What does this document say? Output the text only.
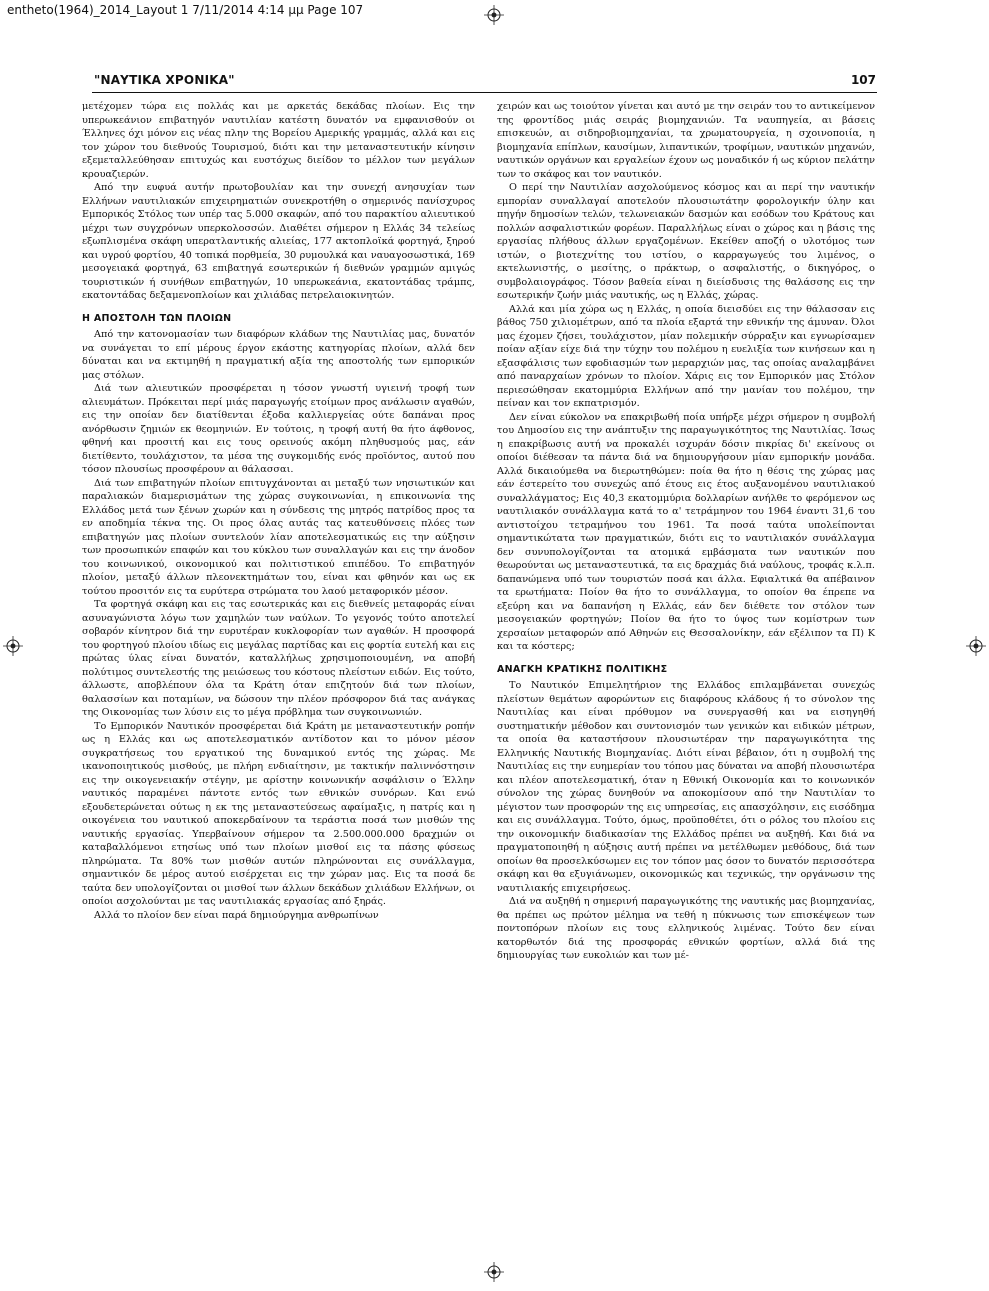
entheto(1964)_2014_Layout 1 7/11/2014 4:14 μμ Page 107
"ΝΑΥΤΙΚΑ ΧΡΟΝΙΚΑ"	107

μετέχομεν τώρα εις πολλάς και με αρκετάς δεκάδας πλοίων. Εις την υπερωκεάνιον επιβατηγόν ναυτιλίαν κατέστη δυνατόν να εμφανισθούν οι Έλληνες όχι μόνον εις νέας πλην της Βορείου Αμερικής γραμμάς, αλλά και εις τον χώρον του διεθνούς Τουρισμού, διότι και την μεταναστευτικήν κίνησιν εξεμεταλλεύθησαν επιτυχώς και ευστόχως διείδον το μέλλον των μεγάλων κρουαζιερών.

Από την ευφυά αυτήν πρωτοβουλίαν και την συνεχή ανησυχίαν των Ελλήνων ναυτιλιακών επιχειρηματιών συνεκροτήθη ο σημερινός πανίσχυρος Εμπορικός Στόλος των υπέρ τας 5.000 σκαφών, από του παρακτίου αλιευτικού μέχρι των συγχρόνων υπερκολοσσών. Διαθέτει σήμερον η Ελλάς 34 τελείως εξωπλισμένα σκάφη υπερατλαντικής αλιείας, 177 ακτοπλοϊκά φορτηγά, ξηρού και υγρού φορτίου, 40 τοπικά πορθμεία, 30 ρυμουλκά και ναυαγοσωστικά, 169 μεσογειακά φορτηγά, 63 επιβατηγά εσωτερικών ή διεθνών γραμμών αμιγώς τουριστικών ή συνήθων επιβατηγών, 10 υπερωκεάνια, εκατοντάδας τράμπς, εκατοντάδας δεξαμενοπλοίων και χιλιάδας πετρελαιοκινητών.

Η ΑΠΟΣΤΟΛΗ ΤΩΝ ΠΛΟΙΩΝ

Από την κατονομασίαν των διαφόρων κλάδων της Ναυτιλίας μας, δυνατόν να συνάγεται το επί μέρους έργον εκάστης κατηγορίας πλοίων, αλλά δεν δύναται και να εκτιμηθή η πραγματική αξία της αποστολής των εμπορικών μας στόλων.

Διά των αλιευτικών προσφέρεται η τόσον γνωστή υγιεινή τροφή των αλιευμάτων. Πρόκειται περί μιάς παραγωγής ετοίμων προς ανάλωσιν αγαθών, εις την οποίαν δεν διατίθενται έξοδα καλλιεργείας ούτε δαπάναι προς ανόρθωσιν ζημιών εκ θεομηνιών. Εν τούτοις, η τροφή αυτή θα ήτο άφθονος, φθηνή και προσιτή και εις τους ορεινούς ακόμη πληθυσμούς μας, εάν διετίθεντο, τουλάχιστον, τα μέσα της συγκομιδής ενός προϊόντος, αυτού που τόσον πλουσίως προσφέρουν αι θάλασσαι.

Διά των επιβατηγών πλοίων επιτυγχάνονται αι μεταξύ των νησιωτικών και παραλιακών διαμερισμάτων της χώρας συγκοινωνίαι, η επικοινωνία της Ελλάδος μετά των ξένων χωρών και η σύνδεσις της μητρός πατρίδος προς τα εν αποδημία τέκνα της. Οι προς όλας αυτάς τας κατευθύνσεις πλόες των επιβατηγών μας πλοίων συντελούν λίαν αποτελεσματικώς εις την αύξησιν των προσωπικών επαφών και του κύκλου των συναλλαγών και εις την άνοδον του κοινωνικού, οικονομικού και πολιτιστικού επιπέδου. Το επιβατηγόν πλοίον, μεταξύ άλλων πλεονεκτημάτων του, είναι και φθηνόν και ως εκ τούτου προσιτόν εις τα ευρύτερα στρώματα του λαού μεταφορικόν μέσον.

Τα φορτηγά σκάφη και εις τας εσωτερικάς και εις διεθνείς μεταφοράς είναι ασυναγώνιστα λόγω των χαμηλών των ναύλων. Το γεγονός τούτο αποτελεί σοβαρόν κίνητρον διά την ευρυτέραν κυκλοφορίαν των αγαθών. Η προσφορά του φορτηγού πλοίου ιδίως εις μεγάλας παρτίδας και εις φορτία ευτελή και εις πρώτας ύλας είναι δυνατόν, καταλλήλως χρησιμοποιουμένη, να αποβή πολύτιμος συντελεστής της μειώσεως του κόστους πλείστων ειδών. Εις τούτο, άλλωστε, αποβλέπουν όλα τα Κράτη όταν επιζητούν διά των πλοίων, θαλασσίων και ποταμίων, να δώσουν την πλέον πρόσφορον διά τας ανάγκας της Οικονομίας των λύσιν εις το μέγα πρόβλημα των συγκοινωνιών.

Το Εμπορικόν Ναυτικόν προσφέρεται διά Κράτη με μεταναστευτικήν ροπήν ως η Ελλάς και ως αποτελεσματικόν αντίδοτον και το μόνον μέσον συγκρατήσεως του εργατικού της δυναμικού εντός της χώρας. Με ικανοποιητικούς μισθούς, με πλήρη ενδιαίτησιν, με τακτικήν παλιννόστησιν εις την οικογενειακήν στέγην, με αρίστην κοινωνικήν ασφάλισιν ο Έλλην ναυτικός παραμένει πάντοτε εντός των εθνικών συνόρων. Και ενώ εξουδετερώνεται ούτως η εκ της μεταναστεύσεως αφαίμαξις, η πατρίς και η οικογένεια του ναυτικού αποκερδαίνουν τα τεράστια ποσά των μισθών της ναυτικής εργασίας. Υπερβαίνουν σήμερον τα 2.500.000.000 δραχμών οι καταβαλλόμενοι ετησίως υπό των πλοίων μισθοί εις τα πάσης φύσεως πληρώματα. Τα 80% των μισθών αυτών πληρώνονται εις συνάλλαγμα, σημαντικόν δε μέρος αυτού εισέρχεται εις την χώραν μας. Εις τα ποσά δε ταύτα δεν υπολογίζονται οι μισθοί των άλλων δεκάδων χιλιάδων Ελλήνων, οι οποίοι ασχολούνται με τας ναυτιλιακάς εργασίας από ξηράς.

Αλλά το πλοίον δεν είναι παρά δημιούργημα ανθρωπίνων

χειρών και ως τοιούτον γίνεται και αυτό με την σειράν του το αντικείμενον της φροντίδος μιάς σειράς βιομηχανιών. Τα ναυπηγεία, αι βάσεις επισκευών, αι σιδηροβιομηχανίαι, τα χρωματουργεία, η σχοινοποιία, η βιομηχανία επίπλων, καυσίμων, λιπαντικών, τροφίμων, ναυτικών μηχανών, ναυτικών οργάνων και εργαλείων έχουν ως μοναδικόν ή ως κύριον πελάτην των το σκάφος και τον ναυτικόν.

Ο περί την Ναυτιλίαν ασχολούμενος κόσμος και αι περί την ναυτικήν εμπορίαν συναλλαγαί αποτελούν πλουσιωτάτην φορολογικήν ύλην και πηγήν δημοσίων τελών, τελωνειακών δασμών και εσόδων του Κράτους και πολλών ασφαλιστικών φορέων. Παραλλήλως είναι ο χώρος και η βάσις της εργασίας πλήθους άλλων εργαζομένων. Εκείθεν αποζή ο υλοτόμος των ιστών, ο βιοτεχνίτης του ιστίου, ο καρραγωγεύς του λιμένος, ο εκτελωνιστής, ο μεσίτης, ο πράκτωρ, ο ασφαλιστής, ο δικηγόρος, ο συμβολαιογράφος. Τόσον βαθεία είναι η διείσδυσις της θαλάσσης εις την εσωτερικήν ζωήν μιάς ναυτικής, ως η Ελλάς, χώρας.

Αλλά και μία χώρα ως η Ελλάς, η οποία διεισδύει εις την θάλασσαν εις βάθος 750 χιλιομέτρων, από τα πλοία εξαρτά την εθνικήν της άμυναν. Όλοι μας έχομεν ζήσει, τουλάχιστον, μίαν πολεμικήν σύρραξιν και εγνωρίσαμεν ποίαν αξίαν είχε διά την τύχην του πολέμου η ευελιξία των κινήσεων και η εξασφάλισις των εφοδιασμών των μεραρχιών μας, τας οποίας αναλαμβάνει από παναρχαίων χρόνων το πλοίον. Χάρις εις τον Εμπορικόν μας Στόλον περιεσώθησαν εκατομμύρια Ελλήνων από την μανίαν του πολέμου, την πείναν και τον εκπατρισμόν.

Δεν είναι εύκολον να επακριβωθή ποία υπήρξε μέχρι σήμερον η συμβολή του Δημοσίου εις την ανάπτυξιν της παραγωγικότητος της Ναυτιλίας. Ίσως η επακρίβωσις αυτή να προκαλέι ισχυράν δόσιν πικρίας δι' εκείνους οι οποίοι διέθεσαν τα πάντα διά να δημιουργήσουν μίαν εμπορικήν μονάδα. Αλλά δικαιούμεθα να διερωτηθώμεν: ποία θα ήτο η θέσις της χώρας μας εάν έστερείτο του συνεχώς από έτους εις έτος αυξανομένου ναυτιλιακού συναλλάγματος; Εις 40,3 εκατομμύρια δολλαρίων ανήλθε το φερόμενον ως ναυτιλιακόν συνάλλαγμα κατά το α' τετράμηνον του 1964 έναντι 31,6 του αντιστοίχου τετραμήνου του 1961. Τα ποσά ταύτα υπολείπονται σημαντικώτατα των πραγματικών, διότι εις το ναυτιλιακόν συνάλλαγμα δεν συνυπολογίζονται τα ατομικά εμβάσματα των ναυτικών που θεωρούνται ως μεταναστευτικά, τα εις δραχμάς διά ναύλους, τροφάς κ.λ.π. δαπανώμενα υπό των τουριστών ποσά και άλλα. Εφιαλτικά θα απέβαινον τα ερωτήματα: Ποίον θα ήτο το συνάλλαγμα, το οποίον θα έπρεπε να εξεύρη και να δαπανήση η Ελλάς, εάν δεν διέθετε τον στόλον των μεσογειακών φορτηγών; Ποίον θα ήτο το ύψος των κομίστρων των χερσαίων μεταφορών από Αθηνών εις Θεσσαλονίκην, εάν εξέλιπον τα Π) Κ και τα κόστερς;

ΑΝΑΓΚΗ ΚΡΑΤΙΚΗΣ ΠΟΛΙΤΙΚΗΣ

Το Ναυτικόν Επιμελητήριον της Ελλάδος επιλαμβάνεται συνεχώς πλείστων θεμάτων αφορώντων εις διαφόρους κλάδους ή το σύνολον της Ναυτιλίας και είναι πρόθυμον να συνεργασθή και να εισηγηθή συστηματικήν μέθοδον και συντονισμόν των γενικών και ειδικών μέτρων, τα οποία θα καταστήσουν πλουσιωτέραν την παραγωγικότητα της Ελληνικής Ναυτικής Βιομηχανίας. Διότι είναι βέβαιον, ότι η συμβολή της Ναυτιλίας εις την ευημερίαν του τόπου μας δύναται να αποβή πλουσιωτέρα και πλέον αποτελεσματική, όταν η Εθνική Οικονομία και το κοινωνικόν σύνολον της χώρας δυνηθούν να αποκομίσουν από την Ναυτιλίαν το μέγιστον των προσφορών της εις υπηρεσίας, εις απασχόλησιν, εις εισόδημα και εις συνάλλαγμα. Τούτο, όμως, προϋποθέτει, ότι ο ρόλος του πλοίου εις την οικονομικήν διαδικασίαν της Ελλάδος πρέπει να αυξηθή. Και διά να πραγματοποιηθή η αύξησις αυτή πρέπει να μετέλθωμεν μεθόδους, διά των οποίων θα προσελκύσωμεν εις τον τόπον μας όσον το δυνατόν περισσότερα σκάφη και θα εξυγιάνωμεν, οικονομικώς και τεχνικώς, την οργάνωσιν της ναυτιλιακής επιχειρήσεως.

Διά να αυξηθή η σημερινή παραγωγικότης της ναυτικής μας βιομηχανίας, θα πρέπει ως πρώτον μέλημα να τεθή η πύκνωσις των επισκέψεων των ποντοπόρων πλοίων εις τους ελληνικούς λιμένας. Τούτο δεν είναι κατορθωτόν διά της προσφοράς εθνικών φορτίων, αλλά διά της δημιουργίας των ευκολιών και των μέ-
